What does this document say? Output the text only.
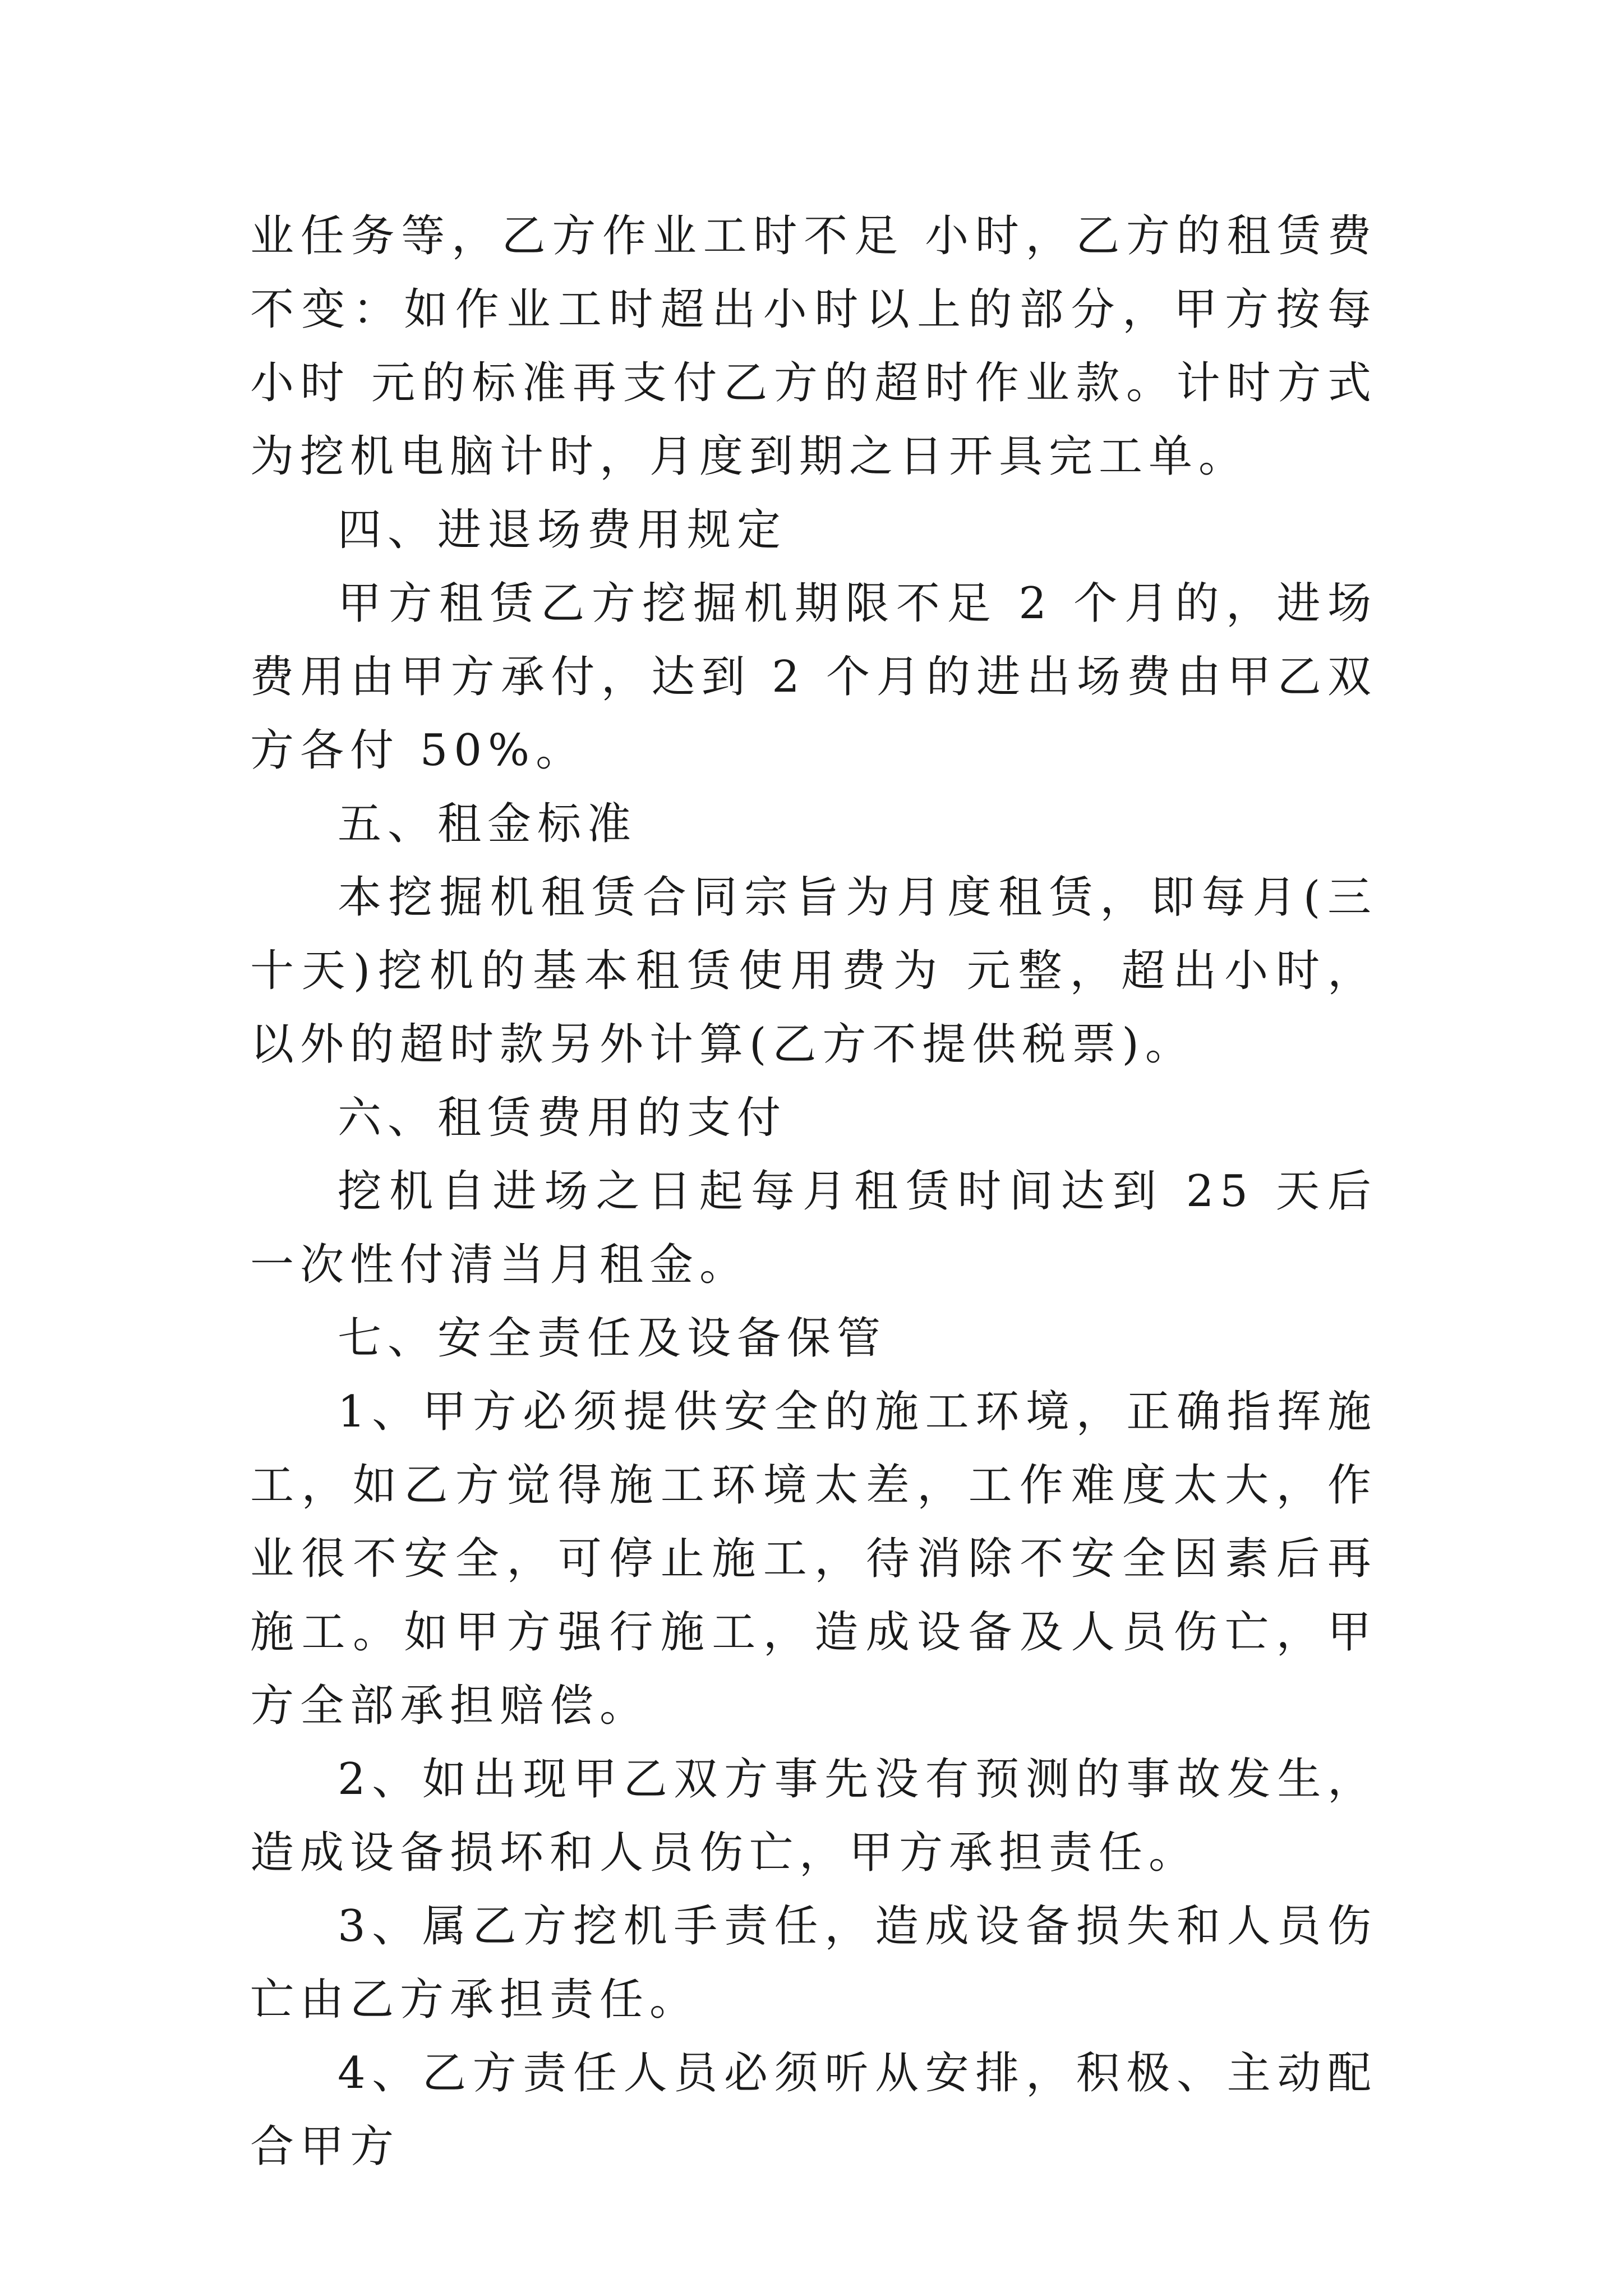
业任务等，乙方作业工时不足 小时，乙方的租赁费不变：如作业工时超出小时以上的部分，甲方按每小时 元的标准再支付乙方的超时作业款。计时方式为挖机电脑计时，月度到期之日开具完工单。

四、进退场费用规定

甲方租赁乙方挖掘机期限不足 2 个月的，进场费用由甲方承付，达到 2 个月的进出场费由甲乙双方各付 50%。

五、租金标准

本挖掘机租赁合同宗旨为月度租赁，即每月(三十天)挖机的基本租赁使用费为 元整，超出小时，以外的超时款另外计算(乙方不提供税票)。

六、租赁费用的支付

挖机自进场之日起每月租赁时间达到 25 天后一次性付清当月租金。

七、安全责任及设备保管

1、甲方必须提供安全的施工环境，正确指挥施工，如乙方觉得施工环境太差，工作难度太大，作业很不安全，可停止施工，待消除不安全因素后再施工。如甲方强行施工，造成设备及人员伤亡，甲方全部承担赔偿。

2、如出现甲乙双方事先没有预测的事故发生，造成设备损坏和人员伤亡，甲方承担责任。

3、属乙方挖机手责任，造成设备损失和人员伤亡由乙方承担责任。

4、乙方责任人员必须听从安排，积极、主动配合甲方
